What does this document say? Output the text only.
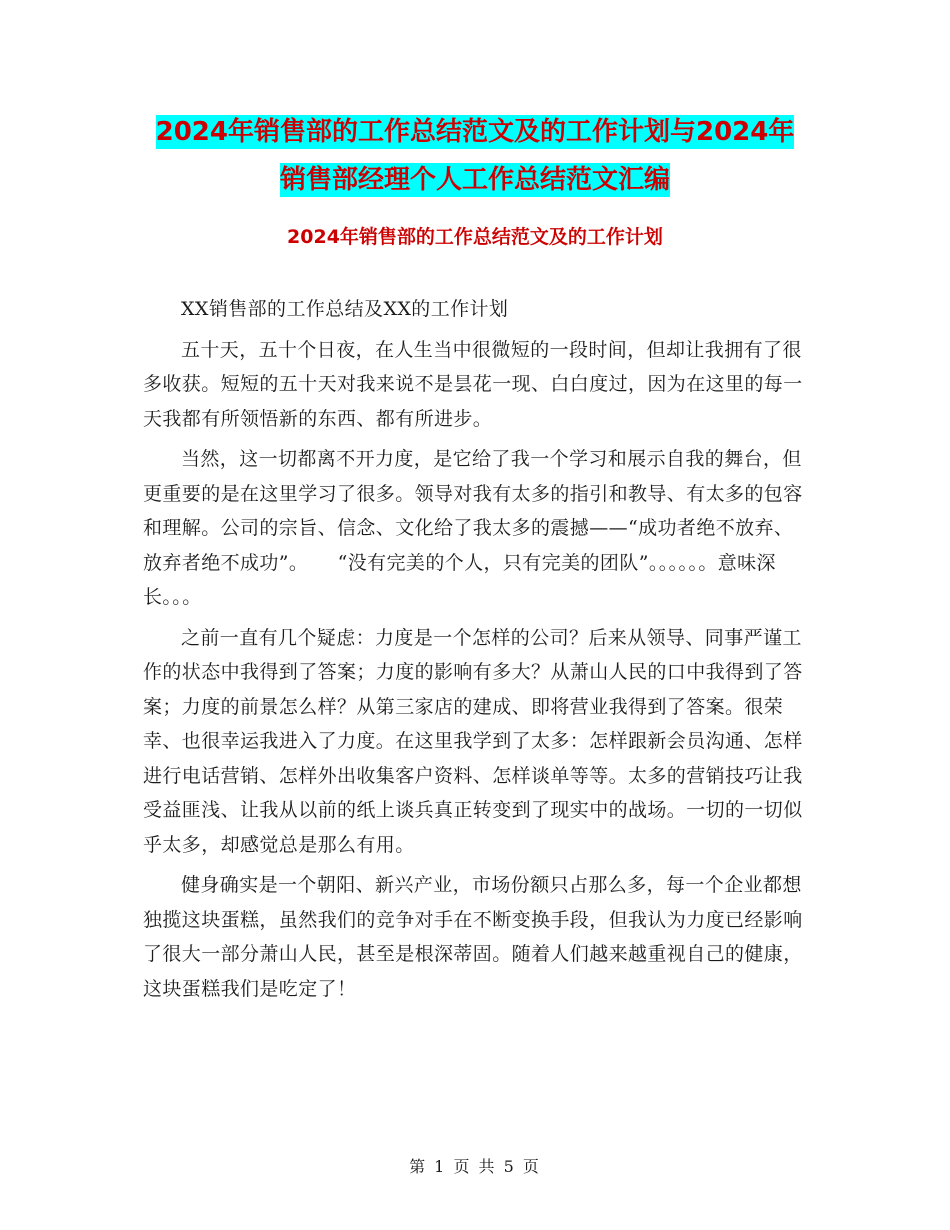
2024年销售部的工作总结范文及的工作计划与2024年
销售部经理个人工作总结范文汇编
2024年销售部的工作总结范文及的工作计划

XX销售部的工作总结及XX的工作计划

五十天，五十个日夜，在人生当中很微短的一段时间，但却让我拥有了很多收获。短短的五十天对我来说不是昙花一现、白白度过，因为在这里的每一天我都有所领悟新的东西、都有所进步。

当然，这一切都离不开力度，是它给了我一个学习和展示自我的舞台，但更重要的是在这里学习了很多。领导对我有太多的指引和教导、有太多的包容和理解。公司的宗旨、信念、文化给了我太多的震撼——“成功者绝不放弃、放弃者绝不成功”。　　“没有完美的个人，只有完美的团队”。。。。。。意味深长。。。

之前一直有几个疑虑：力度是一个怎样的公司？后来从领导、同事严谨工作的状态中我得到了答案；力度的影响有多大？从萧山人民的口中我得到了答案；力度的前景怎么样？从第三家店的建成、即将营业我得到了答案。很荣幸、也很幸运我进入了力度。在这里我学到了太多：怎样跟新会员沟通、怎样进行电话营销、怎样外出收集客户资料、怎样谈单等等。太多的营销技巧让我受益匪浅、让我从以前的纸上谈兵真正转变到了现实中的战场。一切的一切似乎太多，却感觉总是那么有用。

健身确实是一个朝阳、新兴产业，市场份额只占那么多，每一个企业都想独揽这块蛋糕，虽然我们的竞争对手在不断变换手段，但我认为力度已经影响了很大一部分萧山人民，甚至是根深蒂固。随着人们越来越重视自己的健康，这块蛋糕我们是吃定了！

第 1 页 共 5 页
